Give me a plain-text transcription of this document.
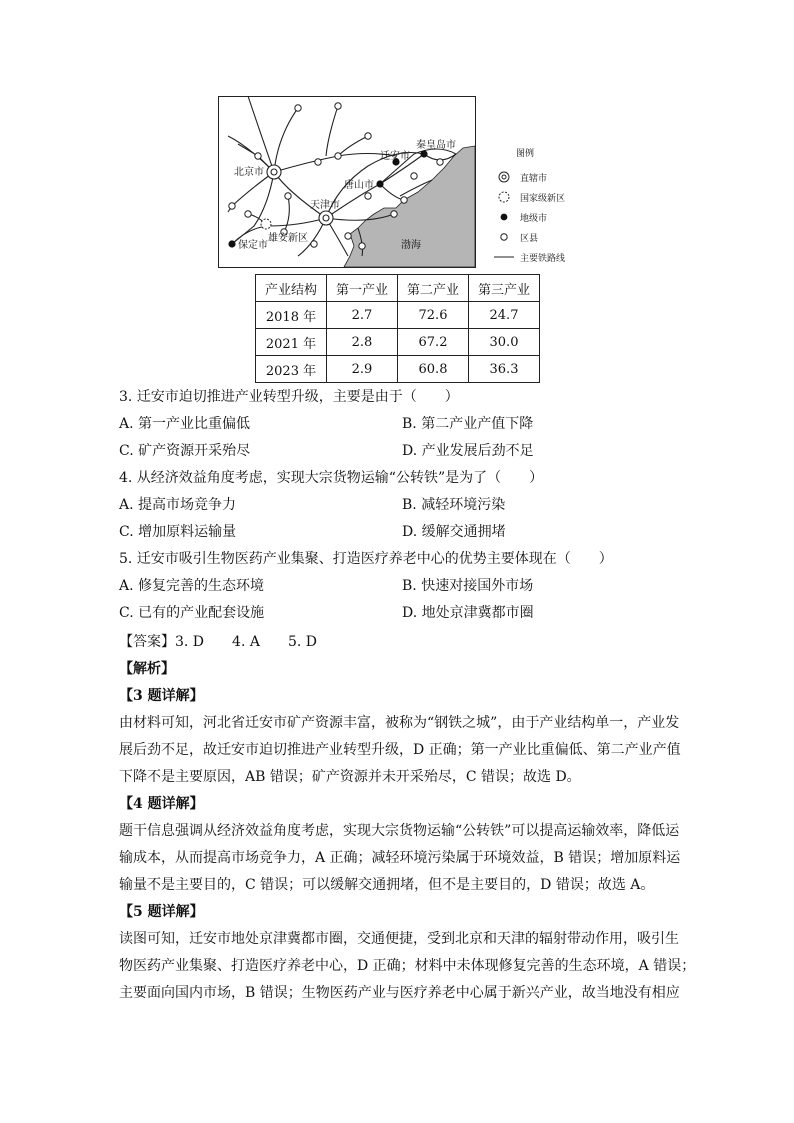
北京市
天津市
保定市
雄安新区
唐山市
迁安市
秦皇岛市
渤海
图例
直辖市
国家级新区
地级市
区县
主要铁路线
产业结构	第一产业	第二产业	第三产业
2018 年	2.7	72.6	24.7
2021 年	2.8	67.2	30.0
2023 年	2.9	60.8	36.3
3. 迁安市迫切推进产业转型升级，主要是由于（　　）
A. 第一产业比重偏低	B. 第二产业产值下降
C. 矿产资源开采殆尽	D. 产业发展后劲不足
4. 从经济效益角度考虑，实现大宗货物运输“公转铁”是为了（　　）
A. 提高市场竞争力	B. 减轻环境污染
C. 增加原料运输量	D. 缓解交通拥堵
5. 迁安市吸引生物医药产业集聚、打造医疗养老中心的优势主要体现在（　　）
A. 修复完善的生态环境	B. 快速对接国外市场
C. 已有的产业配套设施	D. 地处京津冀都市圈
【答案】3. D　　4. A　　5. D
【解析】
【3 题详解】
由材料可知，河北省迁安市矿产资源丰富，被称为“钢铁之城”，由于产业结构单一，产业发
展后劲不足，故迁安市迫切推进产业转型升级，D 正确；第一产业比重偏低、第二产业产值
下降不是主要原因，AB 错误；矿产资源并未开采殆尽，C 错误；故选 D。
【4 题详解】
题干信息强调从经济效益角度考虑，实现大宗货物运输“公转铁”可以提高运输效率，降低运
输成本，从而提高市场竞争力，A 正确；减轻环境污染属于环境效益，B 错误；增加原料运
输量不是主要目的，C 错误；可以缓解交通拥堵，但不是主要目的，D 错误；故选 A。
【5 题详解】
读图可知，迁安市地处京津冀都市圈，交通便捷，受到北京和天津的辐射带动作用，吸引生
物医药产业集聚、打造医疗养老中心，D 正确；材料中未体现修复完善的生态环境，A 错误；
主要面向国内市场，B 错误；生物医药产业与医疗养老中心属于新兴产业，故当地没有相应
